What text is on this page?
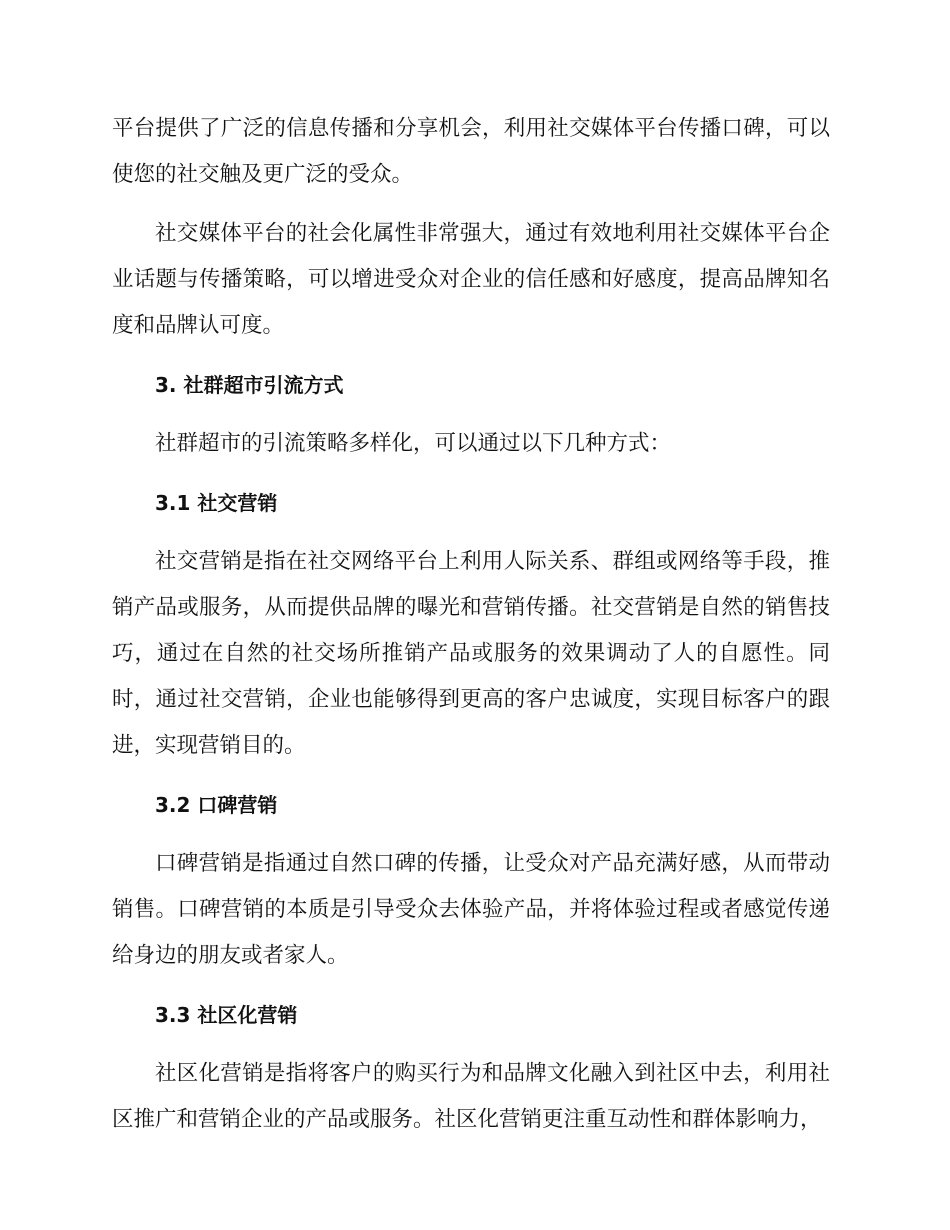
平台提供了广泛的信息传播和分享机会，利用社交媒体平台传播口碑，可以使您的社交触及更广泛的受众。

社交媒体平台的社会化属性非常强大，通过有效地利用社交媒体平台企业话题与传播策略，可以增进受众对企业的信任感和好感度，提高品牌知名度和品牌认可度。

3. 社群超市引流方式

社群超市的引流策略多样化，可以通过以下几种方式：

3.1 社交营销

社交营销是指在社交网络平台上利用人际关系、群组或网络等手段，推销产品或服务，从而提供品牌的曝光和营销传播。社交营销是自然的销售技巧，通过在自然的社交场所推销产品或服务的效果调动了人的自愿性。同时，通过社交营销，企业也能够得到更高的客户忠诚度，实现目标客户的跟进，实现营销目的。

3.2 口碑营销

口碑营销是指通过自然口碑的传播，让受众对产品充满好感，从而带动销售。口碑营销的本质是引导受众去体验产品，并将体验过程或者感觉传递给身边的朋友或者家人。

3.3 社区化营销

社区化营销是指将客户的购买行为和品牌文化融入到社区中去，利用社区推广和营销企业的产品或服务。社区化营销更注重互动性和群体影响力，
